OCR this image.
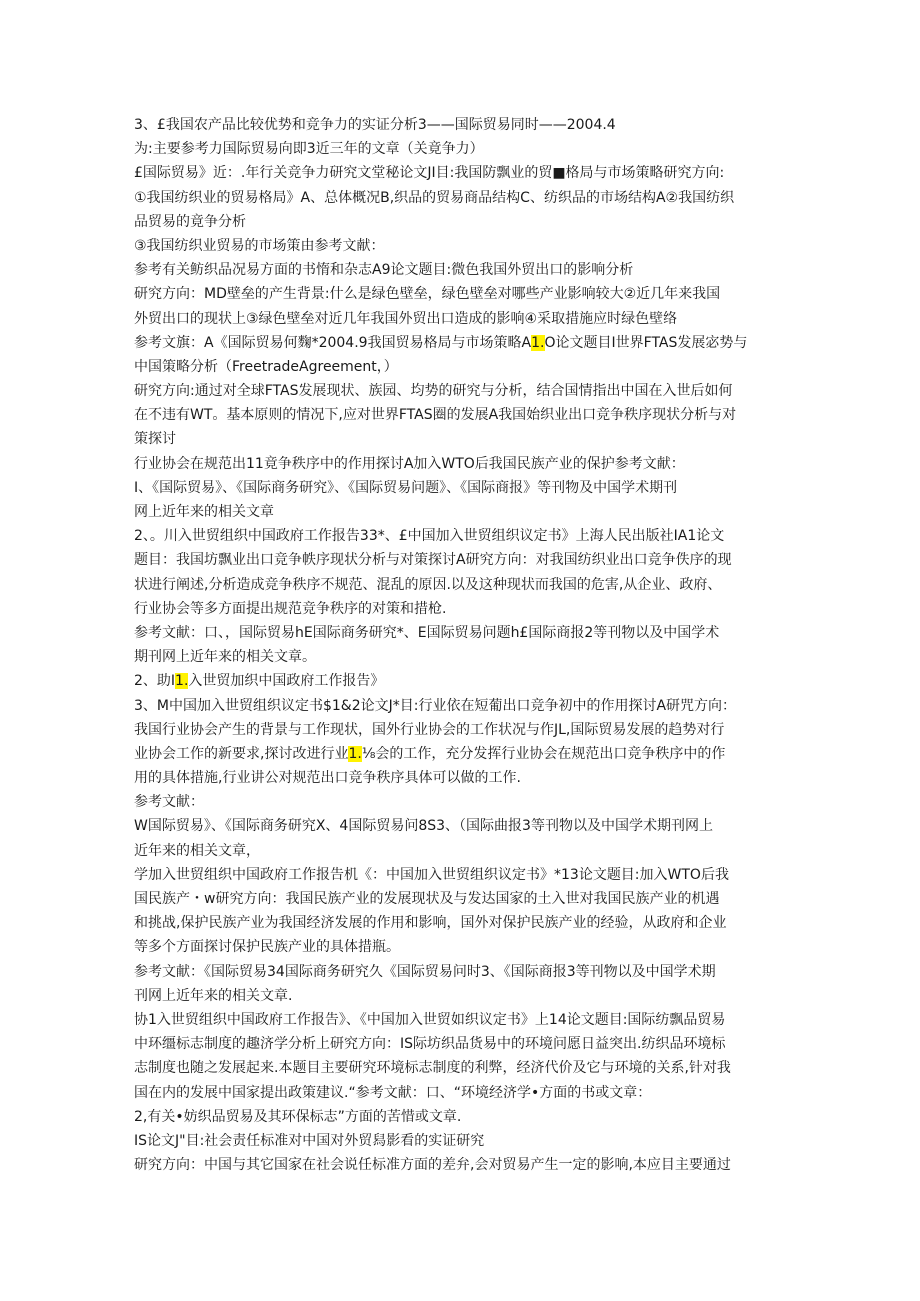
3、£我国农产品比较优势和竞争力的实证分析3——国际贸易同时——2004.4
为:主要参考力国际贸易向即3近三年的文章（关竟争力）
£国际贸易》近：.年行关竞争力研究文堂秘论文JI目:我国防飘业的贸■格局与市场策略研究方向:
①我国纺织业的贸易格局》A、总体概况B,织品的贸易商品结构C、纺织品的市场结构A②我国纺织
品贸易的竟争分析
③我国纺织业贸易的市场策由参考文献：
参考有关鲂织品况易方面的书惰和杂志A9论文题目:微色我国外贸出口的影响分析
研究方向：MD壁垒的产生背景:什么是绿色壁垒，绿色壁垒对哪些产业影响较大②近几年来我国
外贸出口的现状上③绿色壁垒对近几年我国外贸出口造成的影响④采取措施应时绿色壁络
参考文旗：A《国际贸易何麴*2004.9我国贸易格局与市场策略A1.O论文题目I世界FTAS发展宓势与
中国策略分析（FreetradeAgreement，）
研究方向:通过对全球FTAS发展现状、族园、均势的研究与分析，结合国情指出中国在入世后如何
在不违有WT。基本原则的情况下,应对世界FTAS圈的发展A我国始织业出口竞争秩序现状分析与对
策探讨
行业协会在规范出11竟争秩序中的作用探讨A加入WTO后我国民族产业的保护参考文献：
I、《国际贸易》、《国际商务研究》、《国际贸易问题》、《国际商报》等刊物及中国学术期刊
网上近年来的相关文章
2、。川入世贸组织中国政府工作报告33*、£中国加入世贸组织议定书》上海人民出版社IA1论文
题目：我国坊飘业出口竞争帙序现状分析与对策探讨A研究方向：对我国纺织业出口竞争佚序的现
状进行阐述,分析造成竞争秩序不规范、混乱的原因.以及这种现状而我国的危害,从企业、政府、
行业协会等多方面提出规范竞争秩序的对策和措枪.
参考文献：口、，国际贸易hE国际商务研究*、E国际贸易问题h£国际商报2等刊物以及中国学术
期刊网上近年来的相关文章。
2、助I1.入世贸加织中国政府工作报告》
3、M中国加入世贸组织议定书$1&2论文J*目:行业依在短葡出口竞争初中的作用探讨A研咒方向：
我国行业协会产生的背景与工作现状，国外行业协会的工作状况与作JL,国际贸易发展的趋势对行
业协会工作的新要求,探讨改进行业1.⅛会的工作，充分发挥行业协会在规范出口竞争秩序中的作
用的具体措施,行业讲公对规范出口竞争秩序具体可以做的工作.
参考文献：
W国际贸易》、《国际商务研究X、4国际贸易问8S3、（国际曲报3等刊物以及中国学术期刊网上
近年来的相关文章，
学加入世贸组织中国政府工作报告机《：中国加入世贸组织议定书》*13论文题目:加入WTO后我
国民族产・w研究方向：我国民族产业的发展现状及与发达国家的土入世对我国民族产业的机遇
和挑战,保护民族产业为我国经济发展的作用和影响，国外对保护民族产业的经验，从政府和企业
等多个方面探讨保护民族产业的具体措瓶。
参考文献：《国际贸易34国际商务研究久《国际贸易问时3、《国际商报3等刊物以及中国学术期
刊网上近年来的相关文章.
协1入世贸组织中国政府工作报告》、《中国加入世贸如织议定书》上14论文题目:国际纺飘品贸易
中环缰标志制度的趣济学分析上研究方向：IS际坊织品货易中的环境问愿日益突出.纺织品环境标
志制度也随之发展起来.本题目主要研究环境标志制度的利弊，经济代价及它与环境的关系,针对我
国在内的发展中国家提出政策建议.“参考文献：口、“环境经济学•方面的书或文章：
2,有关•妨织品贸易及其环保标志”方面的苦惜或文章.
IS论文J"目:社会责任标准对中国对外贸舄影看的实证研究
研究方向：中国与其它国家在社会说任标准方面的差弁,会对贸易产生一定的影响,本应目主要通过
